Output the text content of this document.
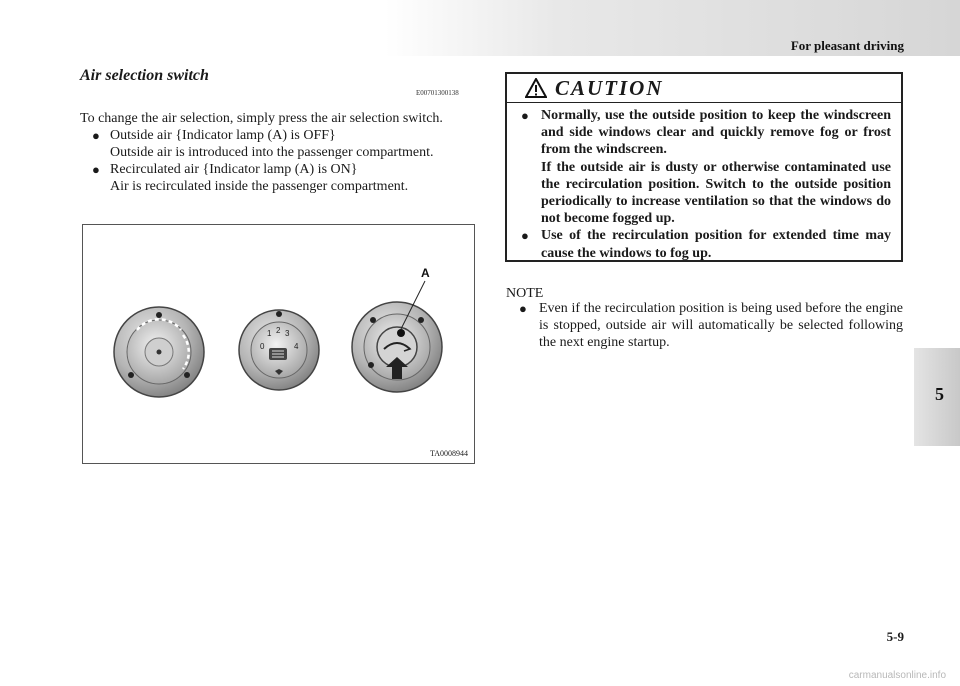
For pleasant driving
5
Air selection switch
E00701300138
To change the air selection, simply press the air selection switch.
● Outside air {Indicator lamp (A) is OFF}
Outside air is introduced into the passenger compartment.
● Recirculated air {Indicator lamp (A) is ON}
Air is recirculated inside the passenger compartment.
0
1 2 3
4
A
TA0008944
CAUTION
● Normally, use the outside position to keep the windscreen and side windows clear and quickly remove fog or frost from the windscreen.
If the outside air is dusty or otherwise contaminated use the recirculation position. Switch to the outside position periodically to increase ventilation so that the windows do not become fogged up.
● Use of the recirculation position for extended time may cause the windows to fog up.
NOTE
● Even if the recirculation position is being used before the engine is stopped, outside air will automatically be selected following the next engine startup.
5-9
carmanualsonline.info
